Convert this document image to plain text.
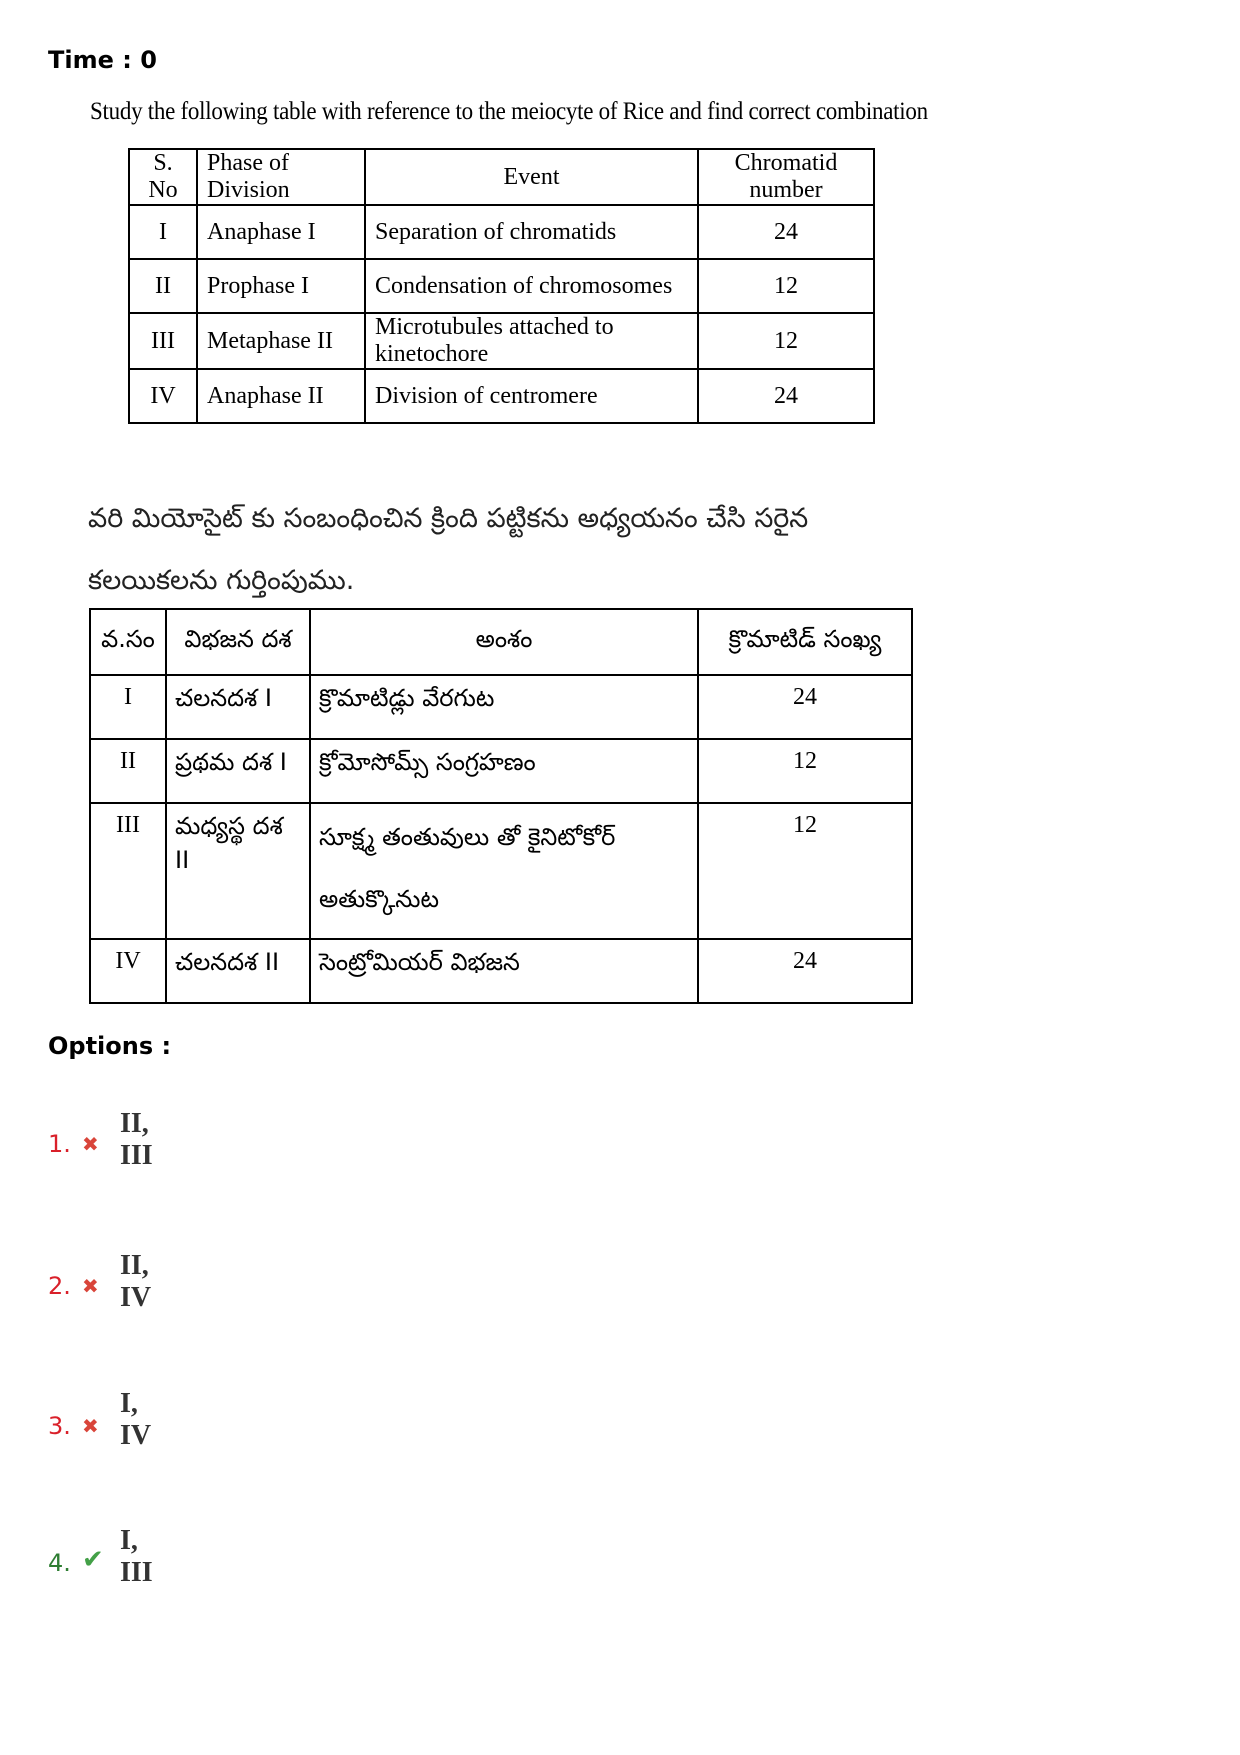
Time : 0
Study the following table with reference to the meiocyte of Rice and find correct combination
S. No	Phase of Division	Event	Chromatid number
I	Anaphase I	Separation of chromatids	24
II	Prophase I	Condensation of chromosomes	12
III	Metaphase II	Microtubules attached to kinetochore	12
IV	Anaphase II	Division of centromere	24
వరి మియోసైట్ కు సంబంధించిన క్రింది పట్టికను అధ్యయనం చేసి సరైన కలయికలను గుర్తింపుము.
వ.సం	విభజన దశ	అంశం	క్రొమాటిడ్ సంఖ్య
I	చలనదశ I	క్రొమాటిడ్లు వేరగుట	24
II	ప్రథమ దశ I	క్రోమోసోమ్స్ సంగ్రహణం	12
III	మధ్యస్థ దశ II	సూక్ష్మ తంతువులు తో కైనిటోకోర్ అతుక్కొనుట	12
IV	చలనదశ II	సెంట్రోమియర్ విభజన	24
Options :
1. ✖
II, III
2. ✖
II, IV
3. ✖
I, IV
4. ✔
I, III
